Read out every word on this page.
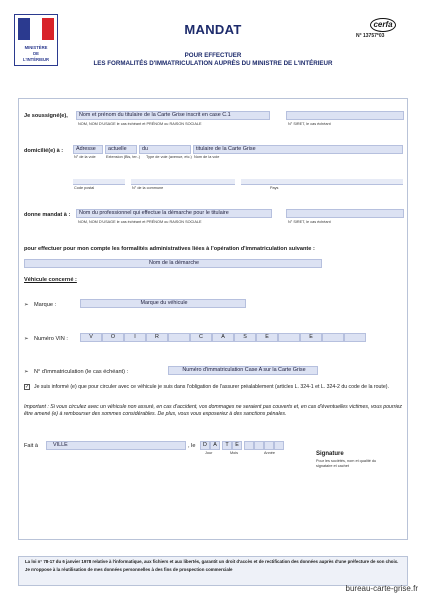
MINISTÈRE
DE
L'INTÉRIEUR
MANDAT
POUR EFFECTUER
LES FORMALITÉS D'IMMATRICULATION AUPRÈS DU MINISTRE DE L'INTÉRIEUR
cerfa
N° 13757*03
Je soussigné(e),	Nom et prénom du titulaire de la Carte Grise inscrit en case C.1
NOM, NOM D'USAGE le cas échéant et PRÉNOM ou RAISON SOCIALE	N° SIRET, le cas échéant
domicilié(e) à :	Adresse	actuelle	du	titulaire de la Carte Grise
N° de la voie	Extension (Bis, ter..) Type de voie (avenue, etc.) Nom de la voie
Code postal	N° de la commune	Pays
donne mandat à :	Nom du professionnel qui effectue la démarche pour le titulaire
NOM, NOM D'USAGE le cas échéant et PRÉNOM ou RAISON SOCIALE	N° SIRET, le cas échéant
pour effectuer pour mon compte les formalités administratives liées à l'opération d'immatriculation suivante :
Nom de la démarche
Véhicule concerné :
➢ Marque :	Marque du véhicule
➢ Numéro VIN :	V	O	I	R	C	A	S	E	E
➢ N° d'immatriculation (le cas échéant) :	Numéro d'immatriculation Case A sur la Carte Grise
✓ Je suis informé (e) que pour circuler avec ce véhicule je suis dans l'obligation de l'assurer préalablement (articles L. 324-1 et L. 324-2 du code de la route).
Important : Si vous circulez avec un véhicule non assuré, en cas d'accident, vos dommages ne seraient pas couverts et, en cas d'éventuelles victimes, vous pourriez être amené (e) à rembourser des sommes considérables. De plus, vous vous exposeriez à des sanctions pénales.
Fait à	VILLE	, le	D	A	T	E
Jour	Mois	Année	Signature
Pour les sociétés, nom et qualité du signataire et cachet

La loi n° 78-17 du 6 janvier 1978 relative à l'informatique, aux fichiers et aux libertés, garantit un droit d'accès et de rectification des données auprès d'une préfecture de son choix.

Je m'oppose à la réutilisation de mes données personnelles à des fins de prospection commerciale

bureau-carte-grise.fr
